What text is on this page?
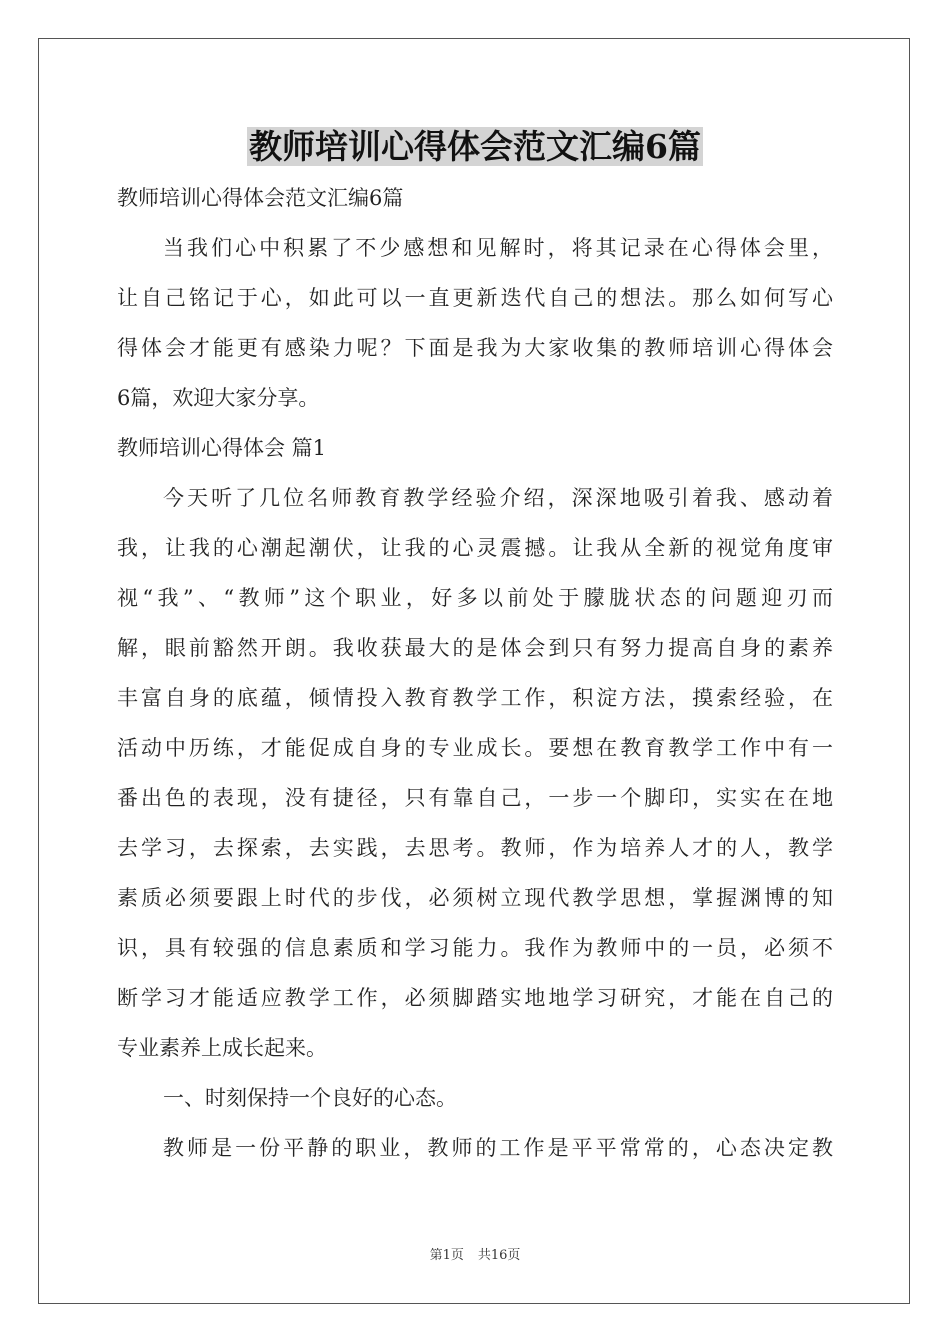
教师培训心得体会范文汇编6篇
教师培训心得体会范文汇编6篇
当我们心中积累了不少感想和见解时，将其记录在心得体会里，
让自己铭记于心，如此可以一直更新迭代自己的想法。那么如何写心
得体会才能更有感染力呢？下面是我为大家收集的教师培训心得体会
6篇，欢迎大家分享。
教师培训心得体会 篇1
今天听了几位名师教育教学经验介绍，深深地吸引着我、感动着
我，让我的心潮起潮伏，让我的心灵震撼。让我从全新的视觉角度审
视“我”、“教师”这个职业，好多以前处于朦胧状态的问题迎刃而
解，眼前豁然开朗。我收获最大的是体会到只有努力提高自身的素养
丰富自身的底蕴，倾情投入教育教学工作，积淀方法，摸索经验，在
活动中历练，才能促成自身的专业成长。要想在教育教学工作中有一
番出色的表现，没有捷径，只有靠自己，一步一个脚印，实实在在地
去学习，去探索，去实践，去思考。教师，作为培养人才的人，教学
素质必须要跟上时代的步伐，必须树立现代教学思想，掌握渊博的知
识，具有较强的信息素质和学习能力。我作为教师中的一员，必须不
断学习才能适应教学工作，必须脚踏实地地学习研究，才能在自己的
专业素养上成长起来。
一、时刻保持一个良好的心态。
教师是一份平静的职业，教师的工作是平平常常的，心态决定教
第1页 共16页
